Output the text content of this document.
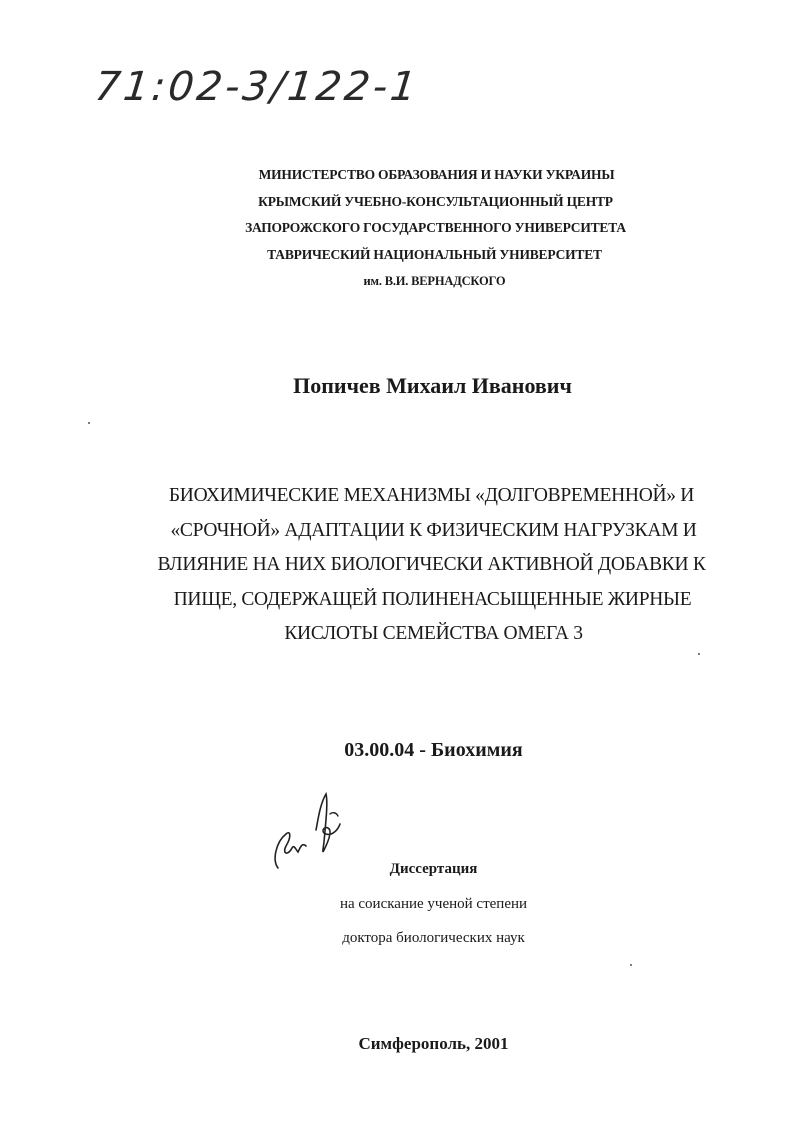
71:02-3/122-1
МИНИСТЕРСТВО ОБРАЗОВАНИЯ И НАУКИ УКРАИНЫ
КРЫМСКИЙ УЧЕБНО-КОНСУЛЬТАЦИОННЫЙ ЦЕНТР
ЗАПОРОЖСКОГО ГОСУДАРСТВЕННОГО УНИВЕРСИТЕТА
ТАВРИЧЕСКИЙ НАЦИОНАЛЬНЫЙ УНИВЕРСИТЕТ
им. В.И. ВЕРНАДСКОГО
Попичев Михаил Иванович
БИОХИМИЧЕСКИЕ МЕХАНИЗМЫ «ДОЛГОВРЕМЕННОЙ» И
«СРОЧНОЙ» АДАПТАЦИИ К ФИЗИЧЕСКИМ НАГРУЗКАМ И
ВЛИЯНИЕ НА НИХ БИОЛОГИЧЕСКИ АКТИВНОЙ ДОБАВКИ К
ПИЩЕ, СОДЕРЖАЩЕЙ ПОЛИНЕНАСЫЩЕННЫЕ ЖИРНЫЕ
КИСЛОТЫ СЕМЕЙСТВА ОМЕГА 3
03.00.04 - Биохимия
Диссертация
на соискание ученой степени
доктора биологических наук
Симферополь, 2001
